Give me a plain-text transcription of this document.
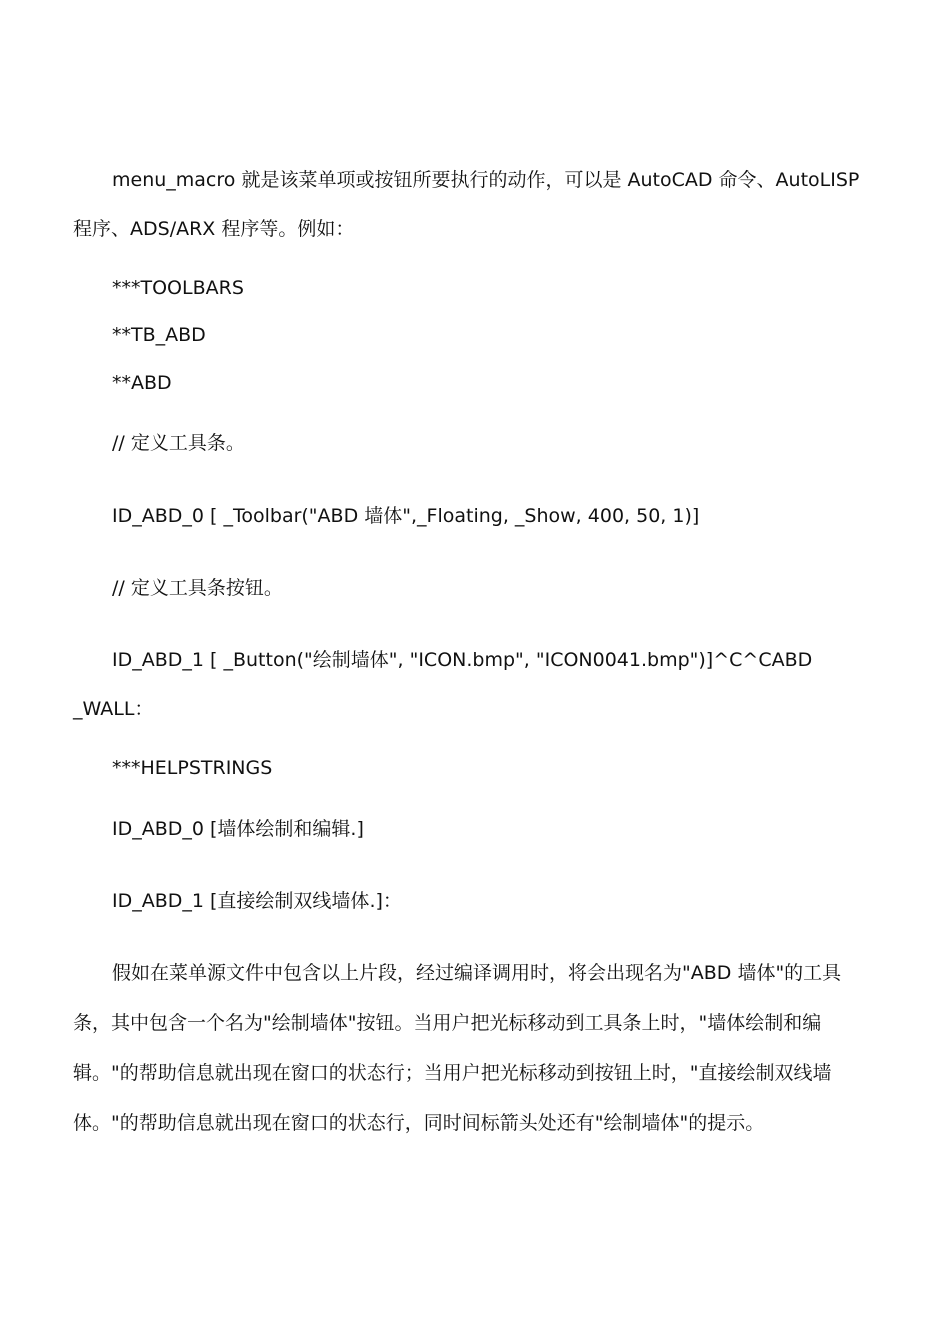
menu_macro 就是该菜单项或按钮所要执行的动作，可以是 AutoCAD 命令、AutoLISP
程序、ADS/ARX 程序等。例如：
***TOOLBARS
**TB_ABD
**ABD
// 定义工具条。
ID_ABD_0 [ _Toolbar("ABD 墙体",_Floating, _Show, 400, 50, 1)]
// 定义工具条按钮。
ID_ABD_1 [ _Button("绘制墙体", "ICON.bmp", "ICON0041.bmp")]^C^CABD
_WALL：
***HELPSTRINGS
ID_ABD_0 [墙体绘制和编辑.]
ID_ABD_1 [直接绘制双线墙体.]：
假如在菜单源文件中包含以上片段，经过编译调用时，将会出现名为"ABD 墙体"的工具
条，其中包含一个名为"绘制墙体"按钮。当用户把光标移动到工具条上时，"墙体绘制和编
辑。"的帮助信息就出现在窗口的状态行；当用户把光标移动到按钮上时，"直接绘制双线墙
体。"的帮助信息就出现在窗口的状态行，同时间标箭头处还有"绘制墙体"的提示。
